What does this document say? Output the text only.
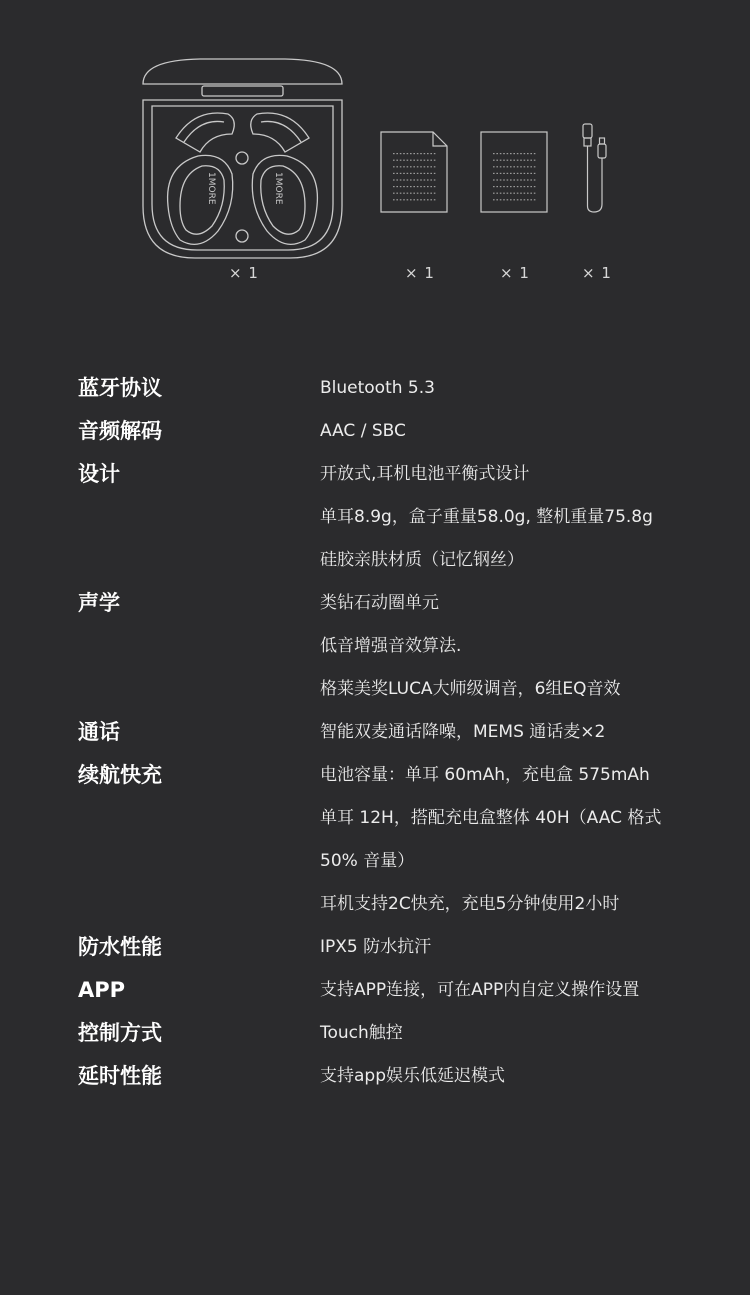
1MORE	1MORE
× 1	× 1	× 1	× 1
蓝牙协议	Bluetooth 5.3
音频解码	AAC / SBC
设计	开放式,耳机电池平衡式设计
单耳8.9g，盒子重量58.0g, 整机重量75.8g
硅胶亲肤材质（记忆钢丝）
声学	类钻石动圈单元
低音增强音效算法.
格莱美奖LUCA大师级调音，6组EQ音效
通话	智能双麦通话降噪，MEMS 通话麦×2
续航快充	电池容量：单耳 60mAh，充电盒 575mAh
单耳 12H，搭配充电盒整体 40H（AAC 格式
50% 音量）
耳机支持2C快充，充电5分钟使用2小时
防水性能	IPX5 防水抗汗
APP	支持APP连接，可在APP内自定义操作设置
控制方式	Touch触控
延时性能	支持app娱乐低延迟模式
